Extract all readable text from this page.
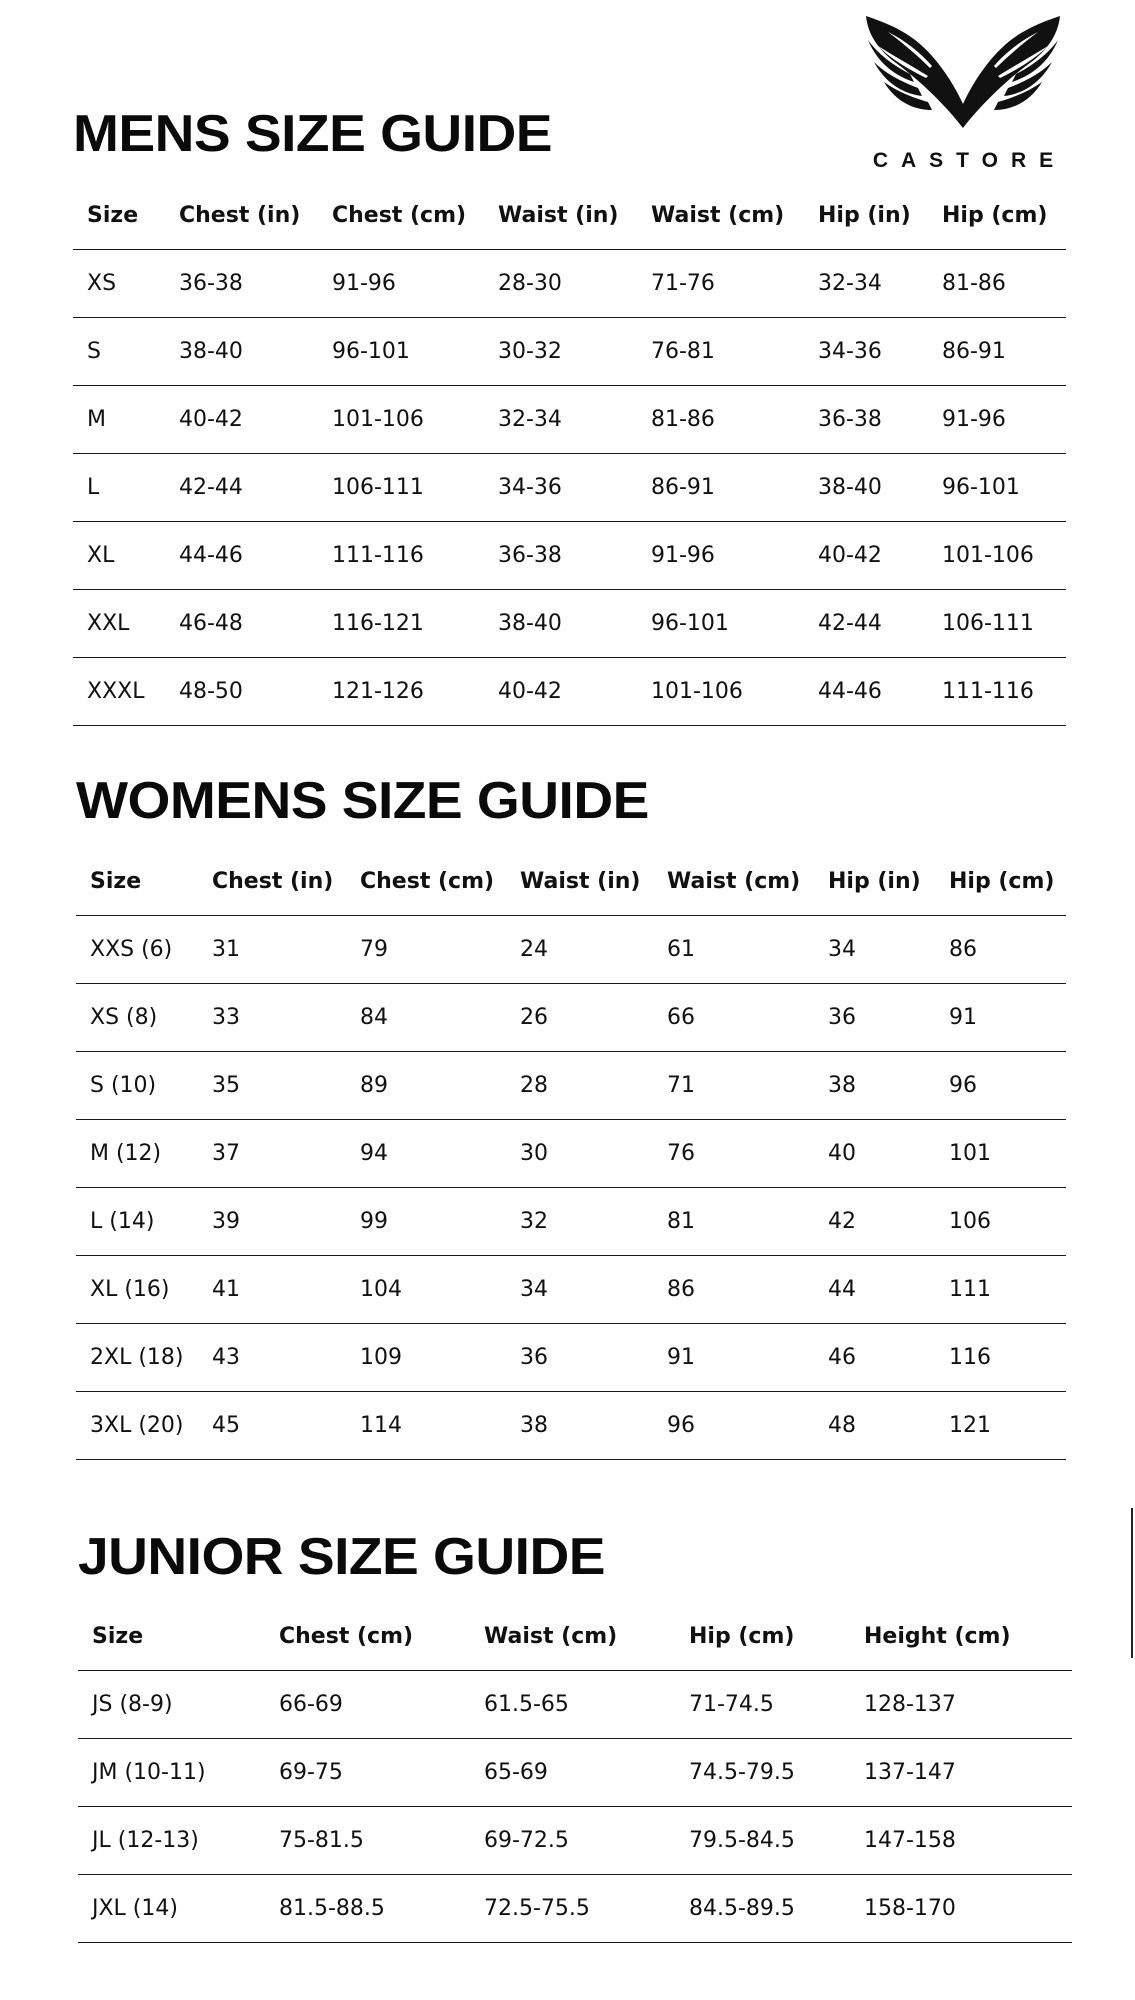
CASTORE
MENS SIZE GUIDE
Size	Chest (in)	Chest (cm)	Waist (in)	Waist (cm)	Hip (in)	Hip (cm)
XS	36-38	91-96	28-30	71-76	32-34	81-86
S	38-40	96-101	30-32	76-81	34-36	86-91
M	40-42	101-106	32-34	81-86	36-38	91-96
L	42-44	106-111	34-36	86-91	38-40	96-101
XL	44-46	111-116	36-38	91-96	40-42	101-106
XXL	46-48	116-121	38-40	96-101	42-44	106-111
XXXL	48-50	121-126	40-42	101-106	44-46	111-116
WOMENS SIZE GUIDE
Size	Chest (in)	Chest (cm)	Waist (in)	Waist (cm)	Hip (in)	Hip (cm)
XXS (6)	31	79	24	61	34	86
XS (8)	33	84	26	66	36	91
S (10)	35	89	28	71	38	96
M (12)	37	94	30	76	40	101
L (14)	39	99	32	81	42	106
XL (16)	41	104	34	86	44	111
2XL (18)	43	109	36	91	46	116
3XL (20)	45	114	38	96	48	121
JUNIOR SIZE GUIDE
Size	Chest (cm)	Waist (cm)	Hip (cm)	Height (cm)
JS (8-9)	66-69	61.5-65	71-74.5	128-137
JM (10-11)	69-75	65-69	74.5-79.5	137-147
JL (12-13)	75-81.5	69-72.5	79.5-84.5	147-158
JXL (14)	81.5-88.5	72.5-75.5	84.5-89.5	158-170
